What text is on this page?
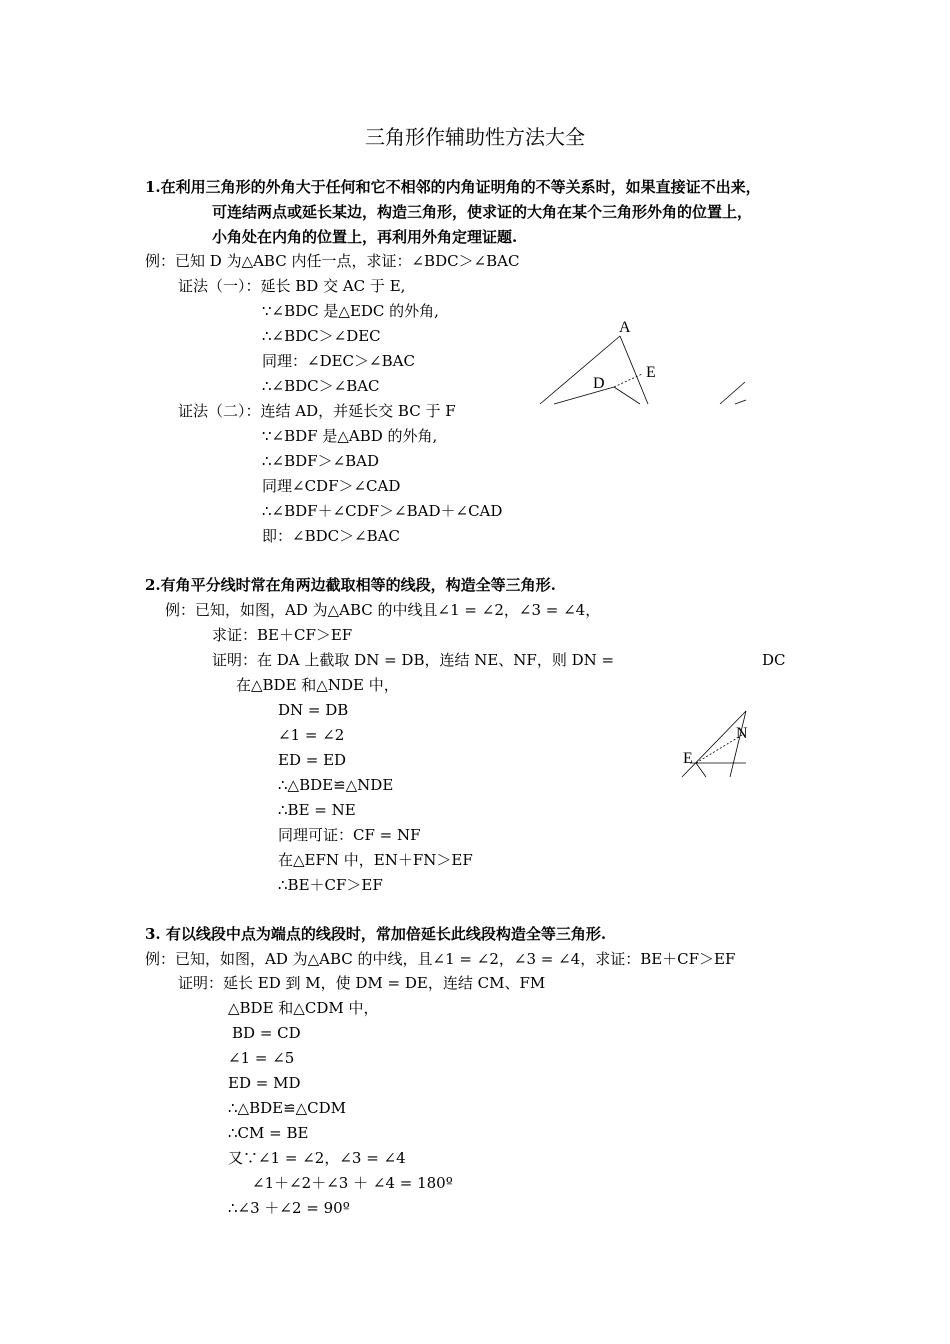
三角形作辅助性方法大全
1.在利用三角形的外角大于任何和它不相邻的内角证明角的不等关系时，如果直接证不出来，
可连结两点或延长某边，构造三角形，使求证的大角在某个三角形外角的位置上，
小角处在内角的位置上，再利用外角定理证题.
例：已知 D 为△ABC 内任一点，求证：∠BDC＞∠BAC
证法（一）：延长 BD 交 AC 于 E,
∵∠BDC 是△EDC 的外角,
∴∠BDC＞∠DEC
同理：∠DEC＞∠BAC
∴∠BDC＞∠BAC
证法（二）：连结 AD，并延长交 BC 于 F
∵∠BDF 是△ABD 的外角,
∴∠BDF＞∠BAD
同理∠CDF＞∠CAD
∴∠BDF＋∠CDF＞∠BAD＋∠CAD
即：∠BDC＞∠BAC
A
E
D
2.有角平分线时常在角两边截取相等的线段，构造全等三角形.
例：已知，如图，AD 为△ABC 的中线且∠1 = ∠2，∠3 = ∠4，
求证：BE＋CF＞EF
证明：在 DA 上截取 DN = DB，连结 NE、NF，则 DN =	DC
在△BDE 和△NDE 中，
DN = DB
∠1 = ∠2
ED = ED
∴△BDE≌△NDE
∴BE = NE
同理可证：CF = NF
在△EFN 中，EN＋FN＞EF
∴BE＋CF＞EF
N
E
3. 有以线段中点为端点的线段时，常加倍延长此线段构造全等三角形.
例：已知，如图，AD 为△ABC 的中线，且∠1 = ∠2，∠3 = ∠4，求证：BE＋CF＞EF
证明：延长 ED 到 M，使 DM = DE，连结 CM、FM
△BDE 和△CDM 中，
BD = CD
∠1 = ∠5
ED = MD
∴△BDE≌△CDM
∴CM = BE
又∵∠1 = ∠2，∠3 = ∠4
∠1＋∠2＋∠3 ＋ ∠4 = 180º
∴∠3 ＋∠2 = 90º
